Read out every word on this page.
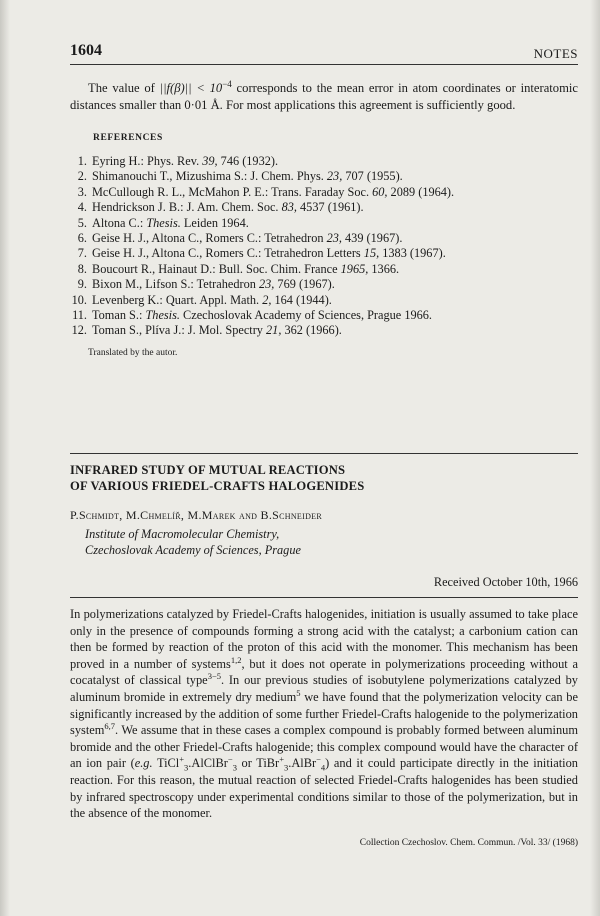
1604	NOTES

The value of $||f(\beta)|| < 10^{-4}$ corresponds to the mean error in atom coordinates or interatomic distances smaller than 0·01 Å. For most applications this agreement is sufficiently good.

REFERENCES
1. Eyring H.: Phys. Rev. 39, 746 (1932).
2. Shimanouchi T., Mizushima S.: J. Chem. Phys. 23, 707 (1955).
3. McCullough R. L., McMahon P. E.: Trans. Faraday Soc. 60, 2089 (1964).
4. Hendrickson J. B.: J. Am. Chem. Soc. 83, 4537 (1961).
5. Altona C.: Thesis. Leiden 1964.
6. Geise H. J., Altona C., Romers C.: Tetrahedron 23, 439 (1967).
7. Geise H. J., Altona C., Romers C.: Tetrahedron Letters 15, 1383 (1967).
8. Boucourt R., Hainaut D.: Bull. Soc. Chim. France 1965, 1366.
9. Bixon M., Lifson S.: Tetrahedron 23, 769 (1967).
10. Levenberg K.: Quart. Appl. Math. 2, 164 (1944).
11. Toman S.: Thesis. Czechoslovak Academy of Sciences, Prague 1966.
12. Toman S., Plíva J.: J. Mol. Spectry 21, 362 (1966).
Translated by the autor.
INFRARED STUDY OF MUTUAL REACTIONS
OF VARIOUS FRIEDEL-CRAFTS HALOGENIDES
P.Schmidt, M.Chmelíř, M.Marek and B.Schneider
Institute of Macromolecular Chemistry,
Czechoslovak Academy of Sciences, Prague
Received October 10th, 1966

In polymerizations catalyzed by Friedel-Crafts halogenides, initiation is usually assumed to take place only in the presence of compounds forming a strong acid with the catalyst; a carbonium cation can then be formed by reaction of the proton of this acid with the monomer. This mechanism has been proved in a number of systems$^{1,2}$, but it does not operate in polymerizations proceeding without a cocatalyst of classical type$^{3-5}$. In our previous studies of isobutylene polymerizations catalyzed by aluminum bromide in extremely dry medium$^5$ we have found that the polymerization velocity can be significantly increased by the addition of some further Friedel-Crafts halogenide to the polymerization system$^{6,7}$. We assume that in these cases a complex compound is probably formed between aluminum bromide and the other Friedel-Crafts halogenide; this complex compound would have the character of an ion pair (e.g. TiCl+$_3$.AlClBr−$_3$ or TiBr+$_3$.AlBr−$_4$) and it could participate directly in the initiation reaction. For this reason, the mutual reaction of selected Friedel-Crafts halogenides has been studied by infrared spectroscopy under experimental conditions similar to those of the polymerization, but in the absence of the monomer.

Collection Czechoslov. Chem. Commun. /Vol. 33/ (1968)
